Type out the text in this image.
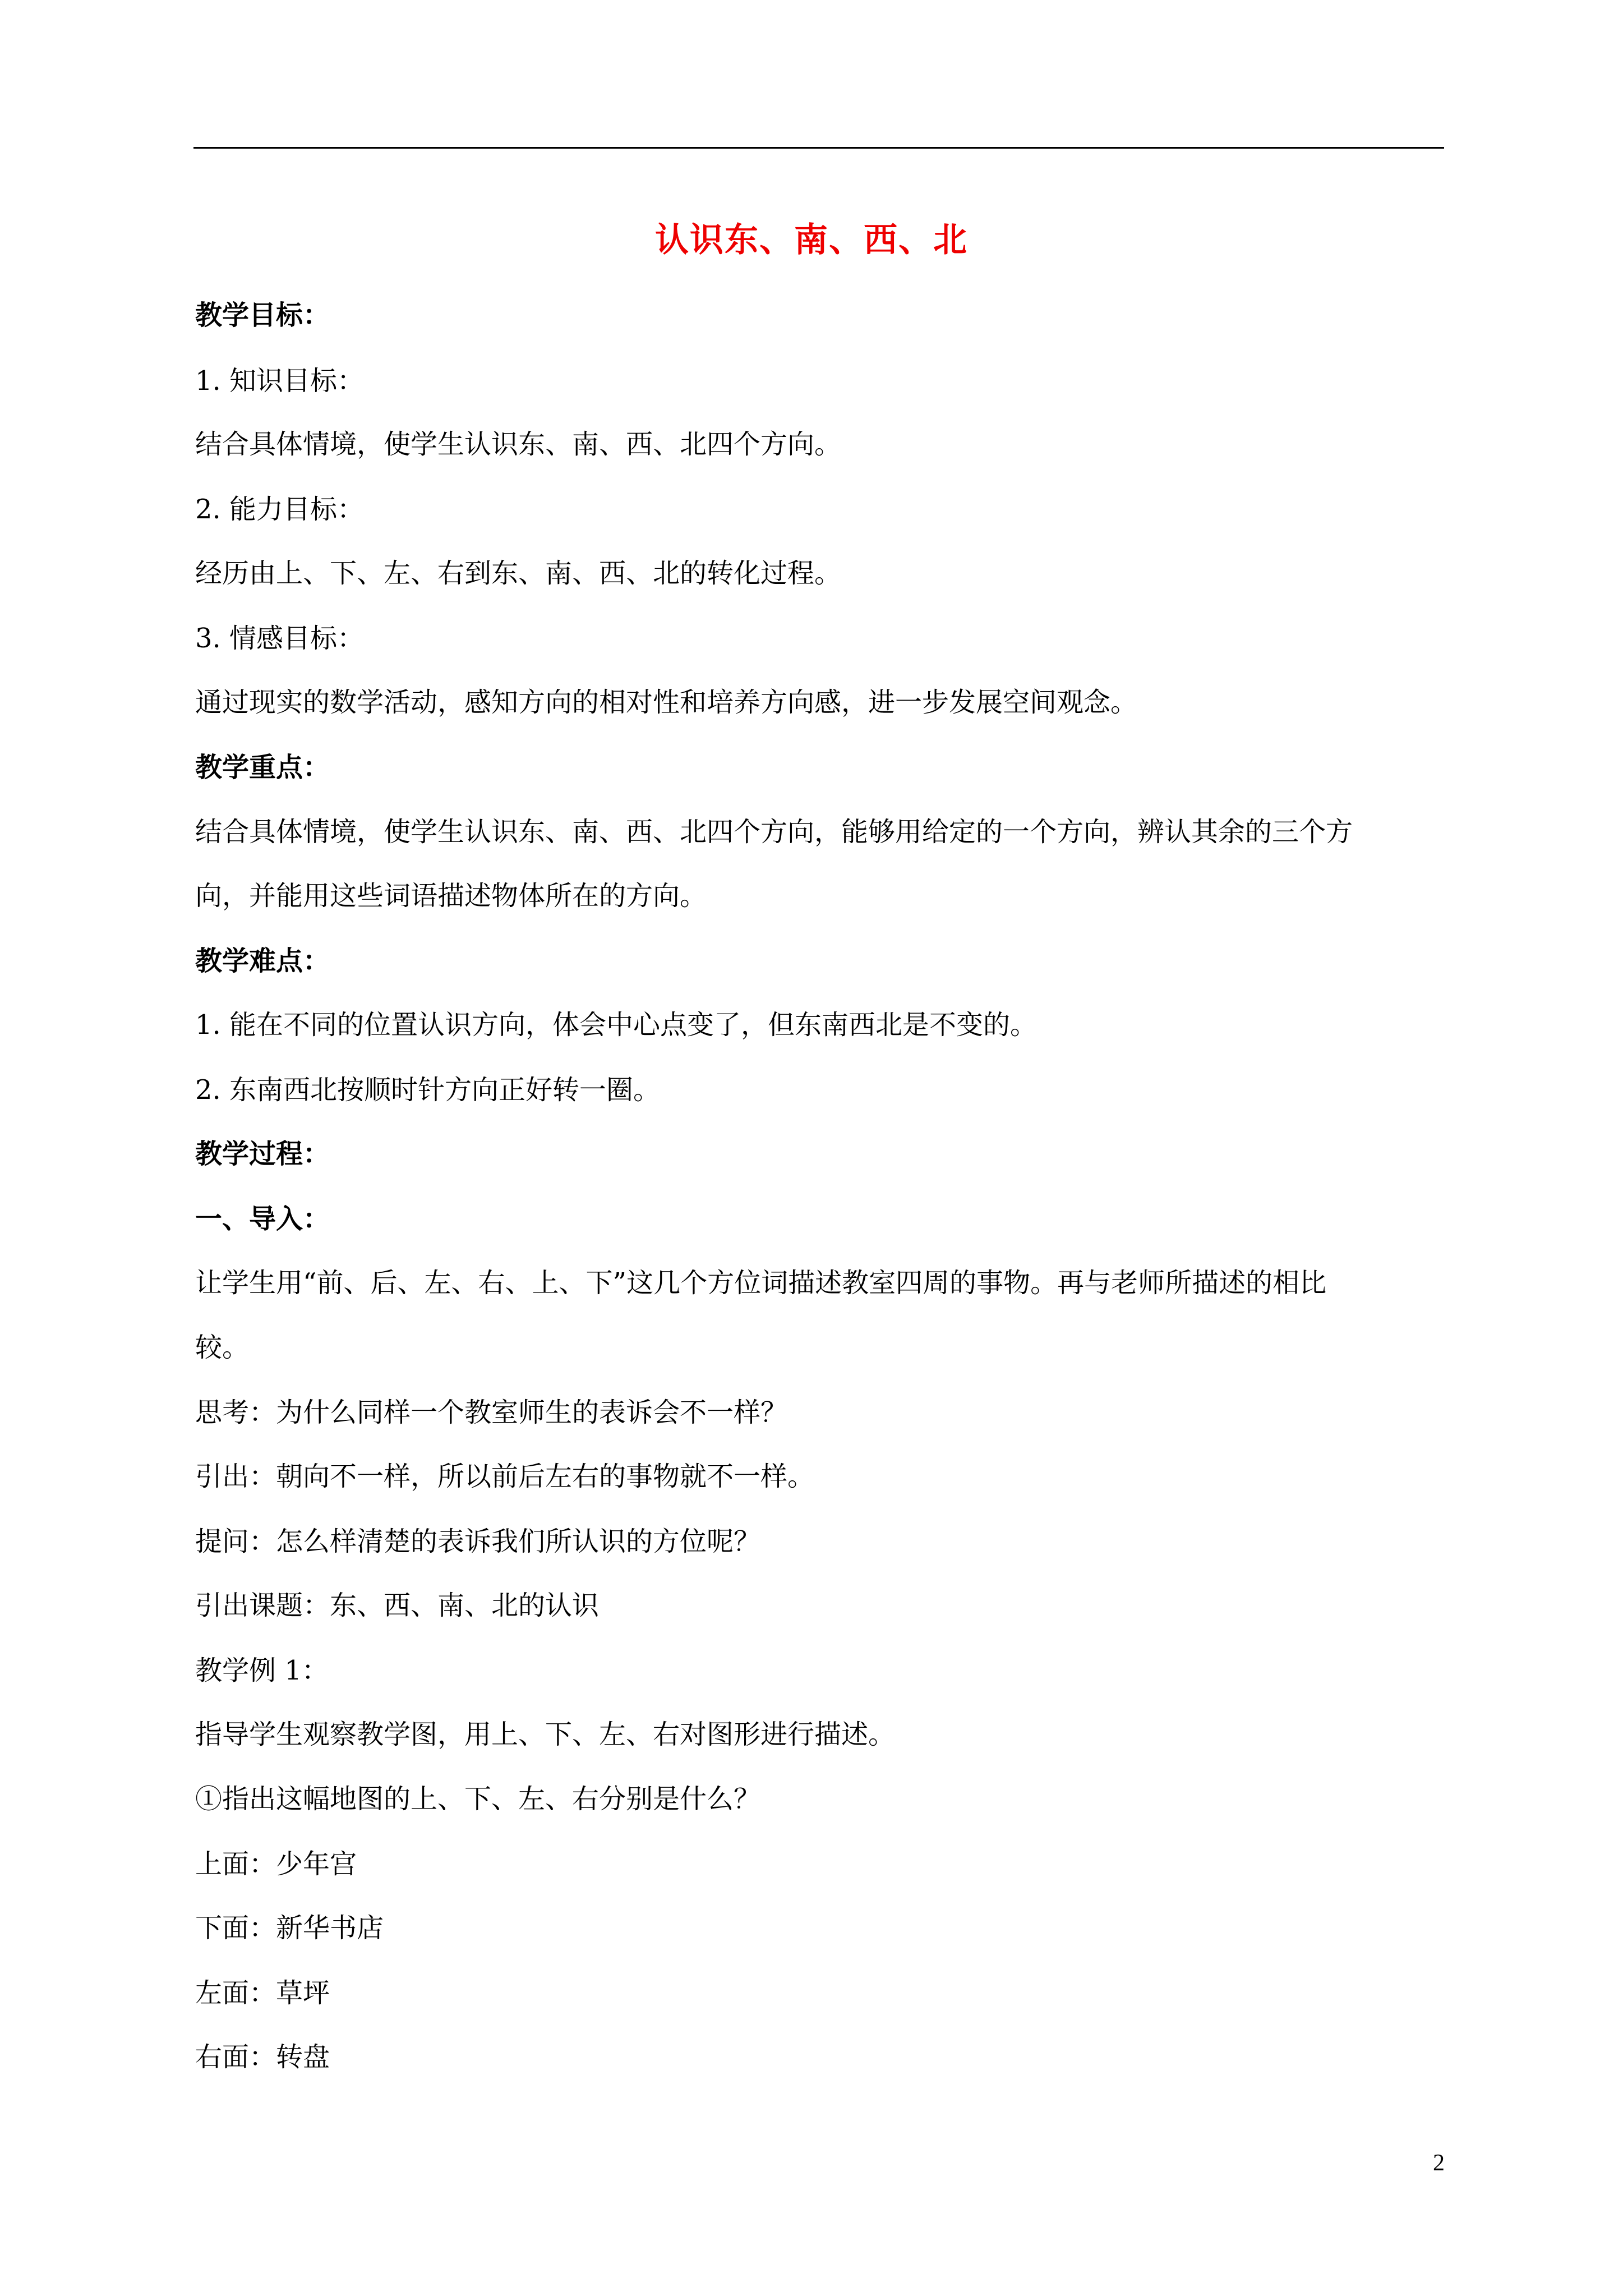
认识东、南、西、北

教学目标：

1. 知识目标：

结合具体情境，使学生认识东、南、西、北四个方向。

2. 能力目标：

经历由上、下、左、右到东、南、西、北的转化过程。

3. 情感目标：

通过现实的数学活动，感知方向的相对性和培养方向感，进一步发展空间观念。

教学重点：

结合具体情境，使学生认识东、南、西、北四个方向，能够用给定的一个方向，辨认其余的三个方

向，并能用这些词语描述物体所在的方向。

教学难点：

1. 能在不同的位置认识方向，体会中心点变了，但东南西北是不变的。

2. 东南西北按顺时针方向正好转一圈。

教学过程：

一、导入：

让学生用“前、后、左、右、上、下”这几个方位词描述教室四周的事物。再与老师所描述的相比

较。

思考：为什么同样一个教室师生的表诉会不一样？

引出：朝向不一样，所以前后左右的事物就不一样。

提问：怎么样清楚的表诉我们所认识的方位呢？

引出课题：东、西、南、北的认识

教学例 1：

指导学生观察教学图，用上、下、左、右对图形进行描述。

①指出这幅地图的上、下、左、右分别是什么？

上面：少年宫

下面：新华书店

左面：草坪

右面：转盘

2
